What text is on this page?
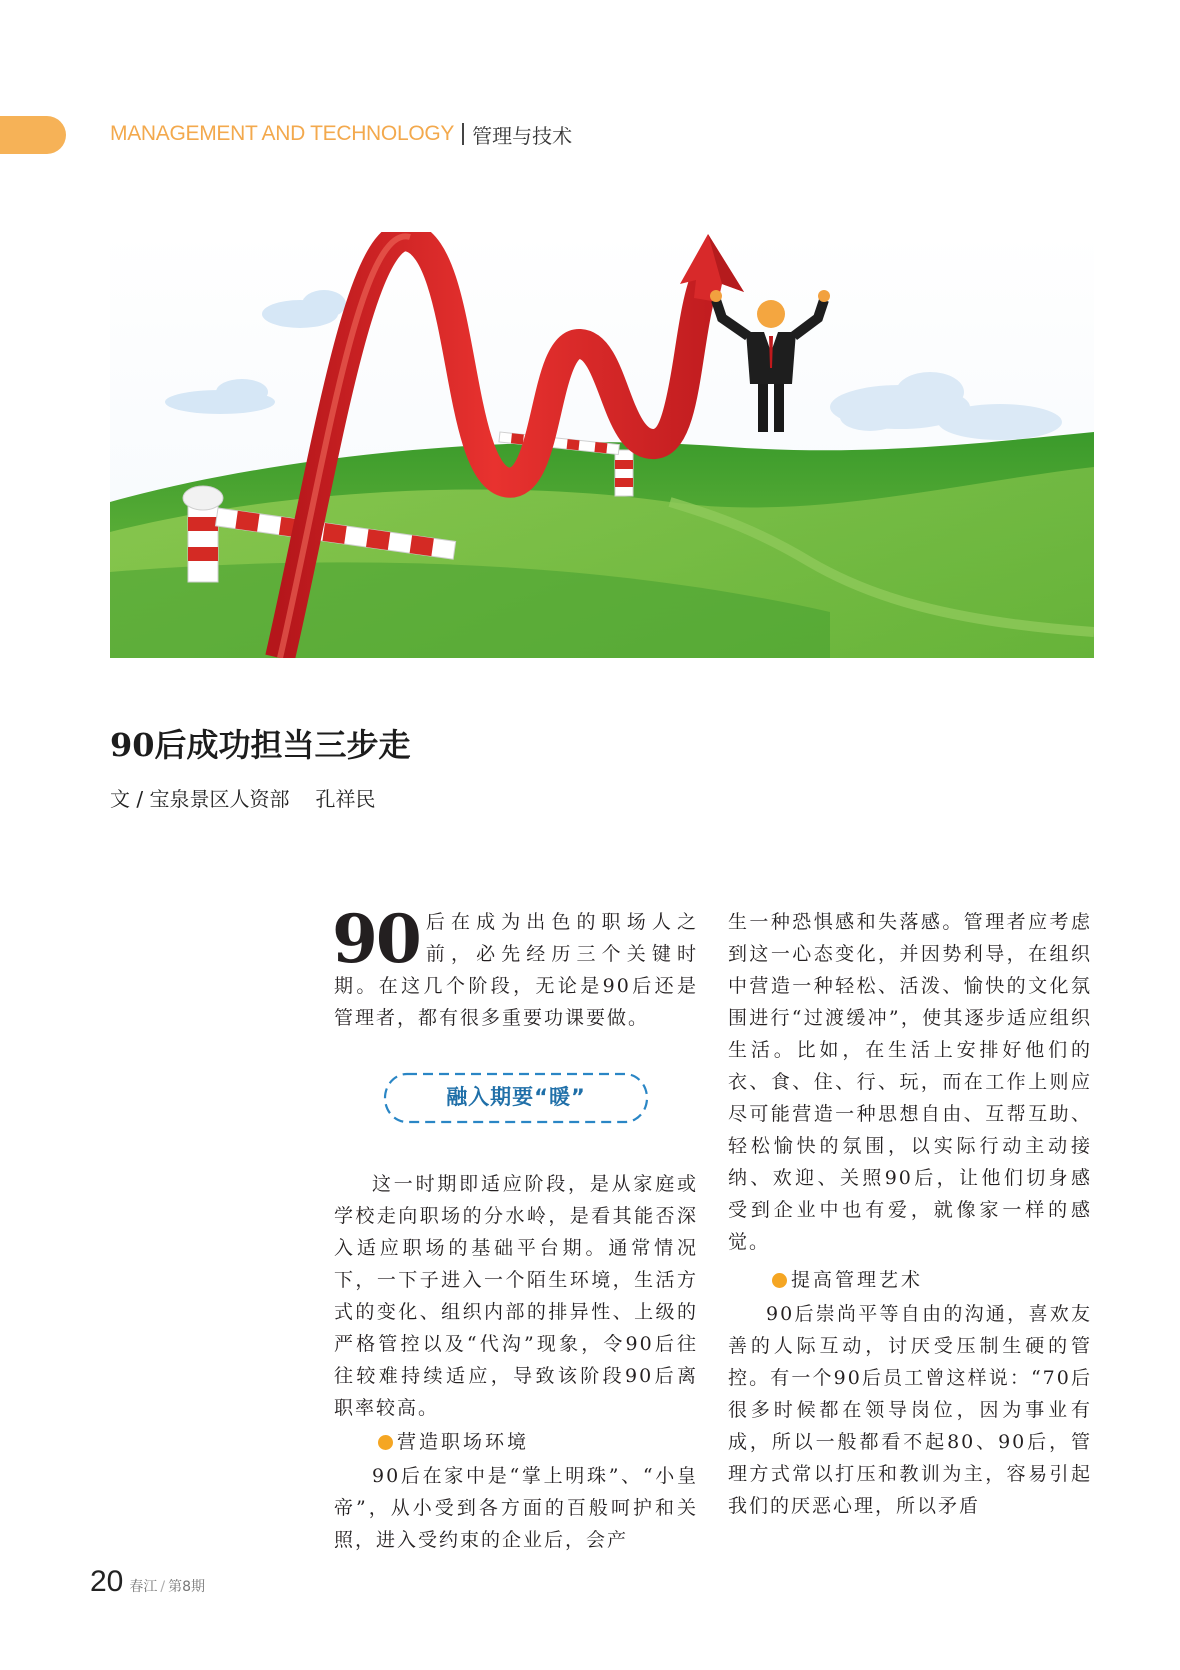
MANAGEMENT AND TECHNOLOGY 管理与技术
90后成功担当三步走
文 / 宝泉景区人资部 孔祥民

90 后在成为出色的职场人之前，必先经历三个关键时期。在这几个阶段，无论是90后还是管理者，都有很多重要功课要做。

融入期要“暖”

这一时期即适应阶段，是从家庭或学校走向职场的分水岭，是看其能否深入适应职场的基础平台期。通常情况下，一下子进入一个陌生环境，生活方式的变化、组织内部的排异性、上级的严格管控以及“代沟”现象，令90后往往较难持续适应，导致该阶段90后离职率较高。

营造职场环境

90后在家中是“掌上明珠”、“小皇帝”，从小受到各方面的百般呵护和关照，进入受约束的企业后，会产

生一种恐惧感和失落感。管理者应考虑到这一心态变化，并因势利导，在组织中营造一种轻松、活泼、愉快的文化氛围进行“过渡缓冲”，使其逐步适应组织生活。比如，在生活上安排好他们的衣、食、住、行、玩，而在工作上则应尽可能营造一种思想自由、互帮互助、轻松愉快的氛围，以实际行动主动接纳、欢迎、关照90后，让他们切身感受到企业中也有爱，就像家一样的感觉。

提高管理艺术

90后崇尚平等自由的沟通，喜欢友善的人际互动，讨厌受压制生硬的管控。有一个90后员工曾这样说：“70后很多时候都在领导岗位，因为事业有成，所以一般都看不起80、90后，管理方式常以打压和教训为主，容易引起我们的厌恶心理，所以矛盾

20 春江 / 第8期
